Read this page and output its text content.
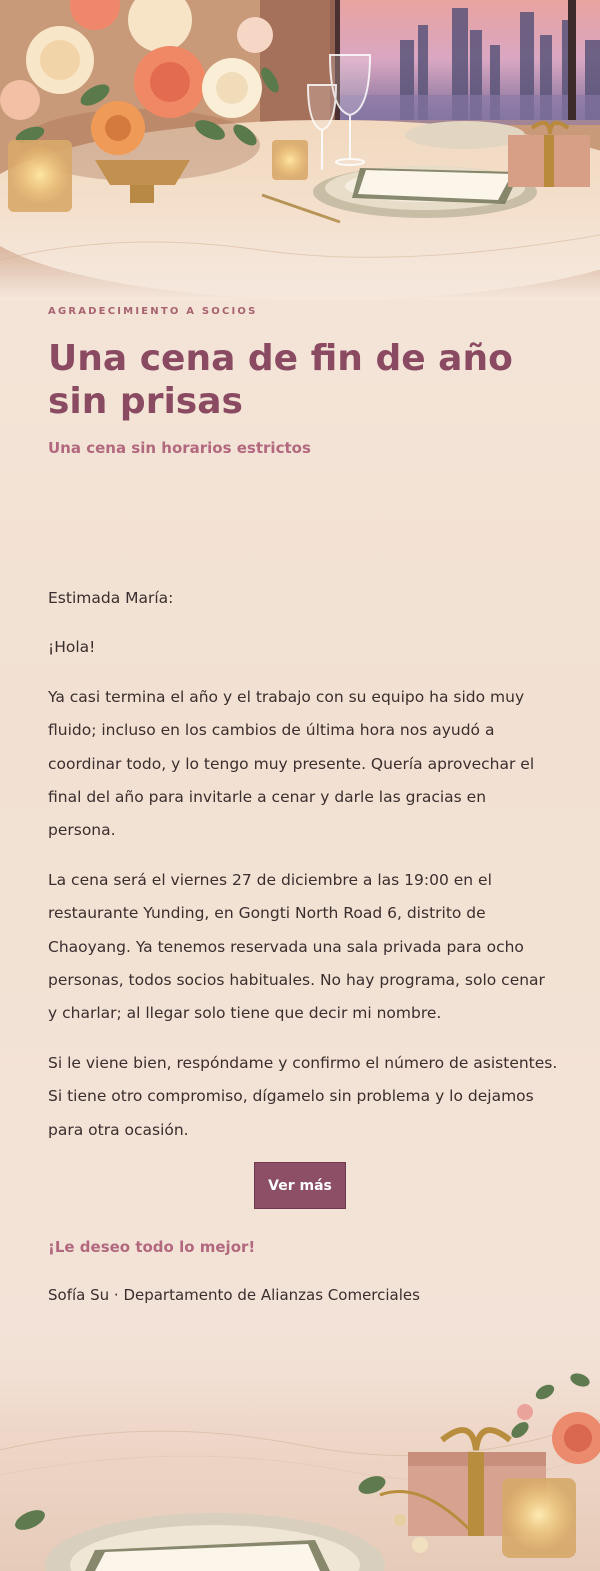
AGRADECIMIENTO A SOCIOS

Una cena de fin de año sin prisas

Una cena sin horarios estrictos

Estimada María:

¡Hola!

Ya casi termina el año y el trabajo con su equipo ha sido muy fluido; incluso en los cambios de última hora nos ayudó a coordinar todo, y lo tengo muy presente. Quería aprovechar el final del año para invitarle a cenar y darle las gracias en persona.

La cena será el viernes 27 de diciembre a las 19:00 en el restaurante Yunding, en Gongti North Road 6, distrito de Chaoyang. Ya tenemos reservada una sala privada para ocho personas, todos socios habituales. No hay programa, solo cenar y charlar; al llegar solo tiene que decir mi nombre.

Si le viene bien, respóndame y confirmo el número de asistentes. Si tiene otro compromiso, dígamelo sin problema y lo dejamos para otra ocasión.

Ver más
¡Le deseo todo lo mejor!
Sofía Su · Departamento de Alianzas Comerciales
